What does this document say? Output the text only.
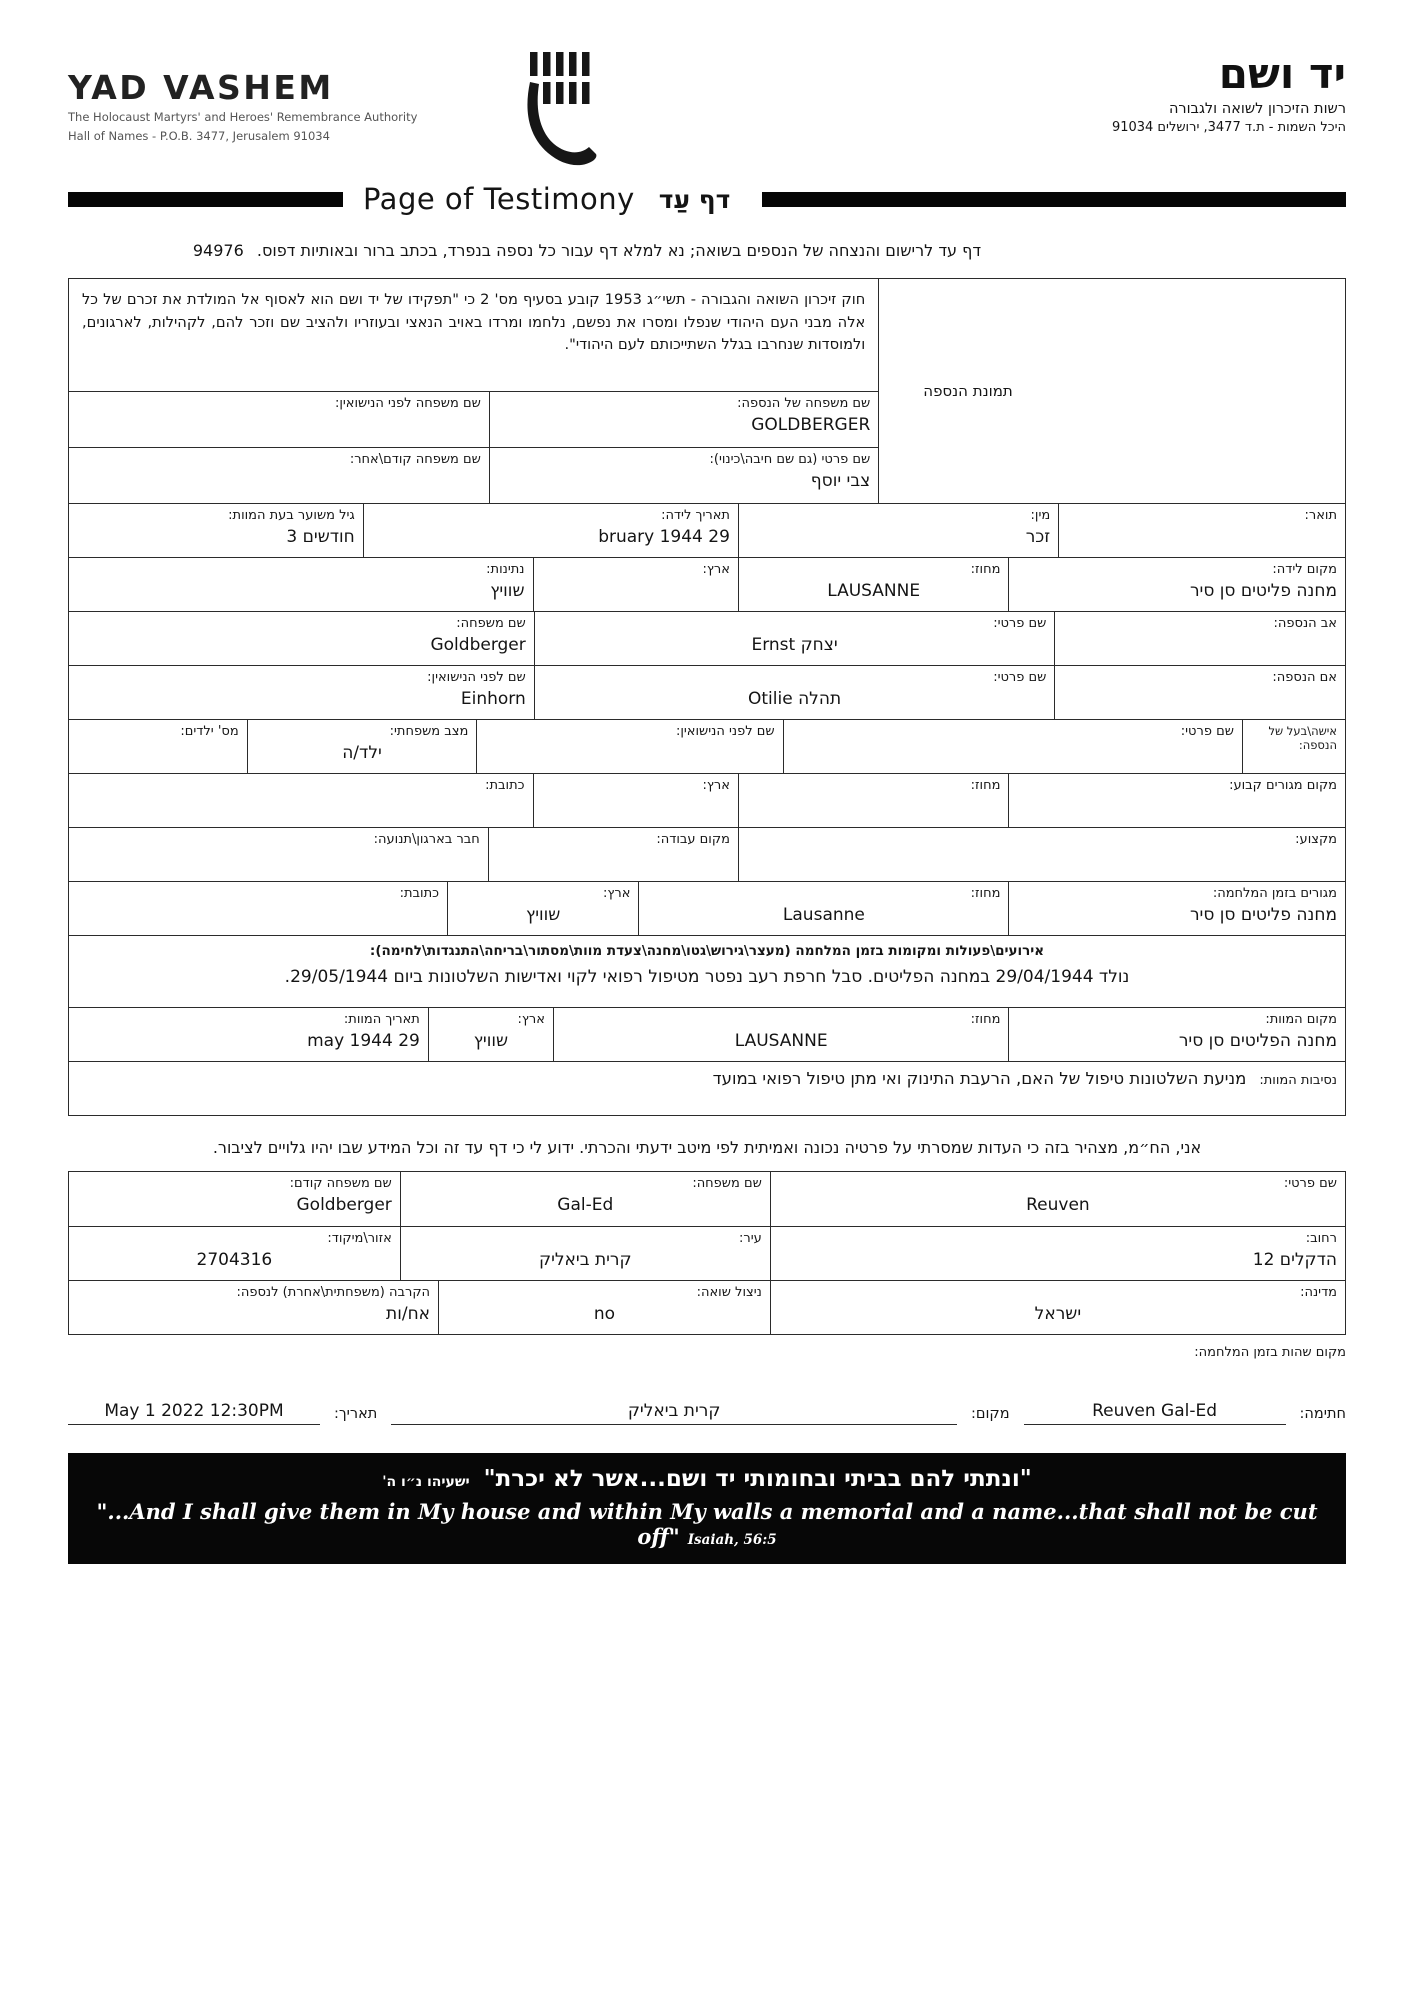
YAD VASHEM
The Holocaust Martyrs' and Heroes' Remembrance Authority
Hall of Names - P.O.B. 3477, Jerusalem 91034
יד ושם
רשות הזיכרון לשואה ולגבורה
היכל השמות - ת.ד 3477, ירושלים 91034
Page of Testimony דף עַד
דף עד לרישום והנצחה של הנספים בשואה; נא למלא דף עבור כל נספה בנפרד, בכתב ברור ובאותיות דפוס. 94976
תמונת הנספה
חוק זיכרון השואה והגבורה - תשי״ג 1953 קובע בסעיף מס' 2 כי "תפקידו של יד ושם הוא לאסוף אל המולדת את זכרם של כל אלה מבני העם היהודי שנפלו ומסרו את נפשם, נלחמו ומרדו באויב הנאצי ובעוזריו ולהציב שם וזכר להם, לקהילות, לארגונים, ולמוסדות שנחרבו בגלל השתייכותם לעם היהודי".
שם משפחה של הנספה:
GOLDBERGER
שם משפחה לפני הנישואין:
שם פרטי (גם שם חיבה\כינוי):
צבי יוסף
שם משפחה קודם\אחר:
תואר:
מין:
זכר
תאריך לידה:
bruary 1944 29
גיל משוער בעת המוות:
3 חודשים
מקום לידה:
מחנה פליטים סן סיר
מחוז:
LAUSANNE
ארץ:
נתינות:
שוויץ
אב הנספה:
שם פרטי:
Ernst יצחק
שם משפחה:
Goldberger
אם הנספה:
שם פרטי:
Otilie תהלה
שם לפני הנישואין:
Einhorn
אישה\בעל של הנספה:
שם פרטי:
שם לפני הנישואין:
מצב משפחתי:
ילד/ה
מס' ילדים:
מקום מגורים קבוע:
מחוז:
ארץ:
כתובת:
מקצוע:
מקום עבודה:
חבר בארגון\תנועה:
מגורים בזמן המלחמה:
מחנה פליטים סן סיר
מחוז:
Lausanne
ארץ:
שוויץ
כתובת:
אירועים\פעולות ומקומות בזמן המלחמה (מעצר\גירוש\גטו\מחנה\צעדת מוות\מסתור\בריחה\התנגדות\לחימה):
נולד 29/04/1944 במחנה הפליטים. סבל חרפת רעב נפטר מטיפול רפואי לקוי ואדישות השלטונות ביום 29/05/1944.
מקום המוות:
מחנה הפליטים סן סיר
מחוז:
LAUSANNE
ארץ:
שוויץ
תאריך המוות:
may 1944 29
נסיבות המוות: מניעת השלטונות טיפול של האם, הרעבת התינוק ואי מתן טיפול רפואי במועד

אני, הח״מ, מצהיר בזה כי העדות שמסרתי על פרטיה נכונה ואמיתית לפי מיטב ידעתי והכרתי. ידוע לי כי דף עד זה וכל המידע שבו יהיו גלויים לציבור.

שם פרטי:
Reuven
שם משפחה:
Gal-Ed
שם משפחה קודם:
Goldberger
רחוב:
הדקלים 12
עיר:
קרית ביאליק
אזור\מיקוד:
2704316
מדינה:
ישראל
ניצול שואה:
no
הקרבה (משפחתית\אחרת) לנספה:
אח/ות
מקום שהות בזמן המלחמה:
חתימה:
Reuven Gal-Ed
מקום:
קרית ביאליק
תאריך:
May 1 2022 12:30PM
"ונתתי להם בביתי ובחומותי יד ושם...אשר לא יכרת"ישעיהו נ״ו ה'
"...And I shall give them in My house and within My walls a memorial and a name...that shall not be cut off" Isaiah, 56:5
